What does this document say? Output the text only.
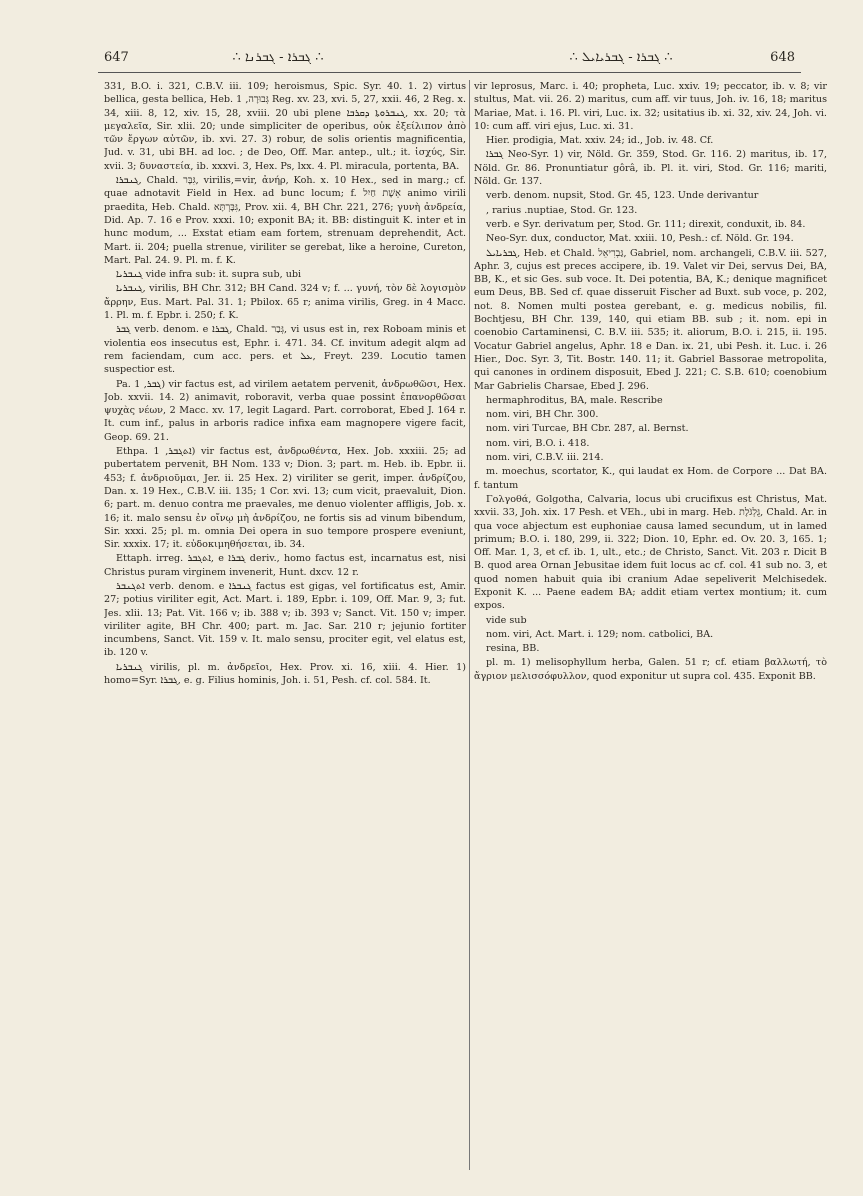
647	∴ ܓܒܪܐ - ܓܒܪܢܐ ∴	∴ ܓܒܪܐ - ܓܒܪܝܐܝܠ ∴	648

331, B.O. i. 321, C.B.V. iii. 109; heroismus, Spic. Syr. 40. 1. 2) virtus bellica, gesta bellica, Heb. גְּבוּרָה, 1 Reg. xv. 23, xvi. 5, 27, xxii. 46, 2 Reg. x. 34, xiii. 8, 12, xiv. 15, 28, xviii. 20 ubi plene ܓܢܒܪܘܬܐ ܕܩܪܒܐ, xx. 20; τὰ μεγαλεῖα, Sir. xlii. 20; unde simpliciter de operibus, οὐκ ἐξείλιπον ἀπὸ τῶν ἔργων αὐτῶν, ib. xvi. 27. 3) robur, de solis orientis magnificentia, Jud. v. 31, ubi BH. ad loc. ; de Deo, Off. Mar. antep., ult.; it. ἰσχύς, Sir. xvii. 3; δυναστεία, ib. xxxvi. 3, Hex. Ps, lxx. 4. Pl. miracula, portenta, BA.

ܓܢܒܪܐ, Chald. גִּבָּר, virilis,=vir, ἀνήρ, Koh. x. 10 Hex., sed in marg.; cf. quae adnotavit Field in Hex. ad bunc locum; f. אֵשֶׁת חַיִל animo virili praedita, Heb. Chald. גִּבָּרְתָּא, Prov. xii. 4, BH Chr. 221, 276; γυνὴ ἀνδρεία, Did. Ap. 7. 16 e Prov. xxxi. 10; exponit BA; it. BB: distinguit K. inter et in hunc modum, ... Exstat etiam eam fortem, strenuam deprehendit, Act. Mart. ii. 204; puella strenue, viriliter se gerebat, like a heroine, Cureton, Mart. Pal. 24. 9. Pl. m. f. K.

ܓܢܒܪܝܐ vide infra sub: it. supra sub, ubi

ܓܢܒܪܝܐ, virilis, BH Chr. 312; BH Cand. 324 v; f. ... γυνή, τὸν δὲ λογισμὸν ἄρρην, Eus. Mart. Pal. 31. 1; Pbilox. 65 r; anima virilis, Greg. in 4 Macc. 1. Pl. m. f. Epbr. i. 250; f. K.

ܓܒܪ verb. denom. e ܓܒܪܐ, Chald. גְּבַר, vi usus est in, rex Roboam minis et violentia eos insecutus est, Ephr. i. 471. 34. Cf. invitum adegit alqm ad rem faciendam, cum acc. pers. et ܥܠ, Freyt. 239. Locutio tamen suspectior est.

Pa. ܓܒܪ, 1) vir factus est, ad virilem aetatem pervenit, ἀνδρωθῶσι, Hex. Job. xxvii. 14. 2) animavit, roboravit, verba quae possint ἐπανορθῶσαι ψυχὰς νέων, 2 Macc. xv. 17, legit Lagard. Part. corroborat, Ebed J. 164 r. It. cum inf., palus in arboris radice infixa eam magnopere vigere facit, Geop. 69. 21.

Ethpa. ܐܬܓܒܪ, 1) vir factus est, ἀνδρωθέντα, Hex. Job. xxxiii. 25; ad pubertatem pervenit, BH Nom. 133 v; Dion. 3; part. m. Heb. ib. Epbr. ii. 453; f. ἀνδριοῦμαι, Jer. ii. 25 Hex. 2) viriliter se gerit, imper. ἀνδρίζου, Dan. x. 19 Hex., C.B.V. iii. 135; 1 Cor. xvi. 13; cum vicit, praevaluit, Dion. 6; part. m. denuo contra me praevales, me denuo violenter affligis, Job. x. 16; it. malo sensu ἐν οἴνῳ μὴ ἀνδρίζου, ne fortis sis ad vinum bibendum, Sir. xxxi. 25; pl. m. omnia Dei opera in suo tempore prospere eveniunt, Sir. xxxix. 17; it. εὐδοκιμηθήσεται, ib. 34.

Ettaph. irreg. ܐܬܓܒܪ, e ܓܒܪܐ deriv., homo factus est, incarnatus est, nisi Christus puram virginem invenerit, Hunt. dxcv. 12 r.

ܐܬܓܢܒܪ verb. denom. e ܓܢܒܪܐ factus est gigas, vel fortificatus est, Amir. 27; potius viriliter egit, Act. Mart. i. 189, Epbr. i. 109, Off. Mar. 9, 3; fut. Jes. xlii. 13; Pat. Vit. 166 v; ib. 388 v; ib. 393 v; Sanct. Vit. 150 v; imper. viriliter agite, BH Chr. 400; part. m. Jac. Sar. 210 r; jejunio fortiter incumbens, Sanct. Vit. 159 v. It. malo sensu, prociter egit, vel elatus est, ib. 120 v.

ܓܢܒܪܝܐ virilis, pl. m. ἀνδρεῖοι, Hex. Prov. xi. 16, xiii. 4. Hier. 1) homo=Syr. ܓܒܪܐ, e. g. Filius hominis, Joh. i. 51, Pesh. cf. col. 584. It.

vir leprosus, Marc. i. 40; propheta, Luc. xxiv. 19; peccator, ib. v. 8; vir stultus, Mat. vii. 26. 2) maritus, cum aff. vir tuus, Joh. iv. 16, 18; maritus Mariae, Mat. i. 16. Pl. viri, Luc. ix. 32; usitatius ib. xi. 32, xiv. 24, Joh. vi. 10: cum aff. viri ejus, Luc. xi. 31.

Hier. prodigia, Mat. xxiv. 24; id., Job. iv. 48. Cf.

ܓܒܪܐ Neo-Syr. 1) vir, Nöld. Gr. 359, Stod. Gr. 116. 2) maritus, ib. 17, Nöld. Gr. 86. Pronuntiatur gôrâ, ib. Pl. it. viri, Stod. Gr. 116; mariti, Nöld. Gr. 137.

verb. denom. nupsit, Stod. Gr. 45, 123. Unde derivantur

, rarius .nuptiae, Stod. Gr. 123.

verb. e Syr. derivatum per, Stod. Gr. 111; direxit, conduxit, ib. 84.

Neo-Syr. dux, conductor, Mat. xxiii. 10, Pesh.: cf. Nöld. Gr. 194.

ܓܒܪܝܐܝܠ, Heb. et Chald. גַּבְרִיאֵל, Gabriel, nom. archangeli, C.B.V. iii. 527, Aphr. 3, cujus est preces accipere, ib. 19. Valet vir Dei, servus Dei, BA, BB, K., et sic Ges. sub voce. It. Dei potentia, BA, K.; denique magnificet eum Deus, BB. Sed cf. quae disseruit Fischer ad Buxt. sub voce, p. 202, not. 8. Nomen multi postea gerebant, e. g. medicus nobilis, fil. Bochtjesu, BH Chr. 139, 140, qui etiam BB. sub ; it. nom. epi in coenobio Cartaminensi, C. B.V. iii. 535; it. aliorum, B.O. i. 215, ii. 195. Vocatur Gabriel angelus, Aphr. 18 e Dan. ix. 21, ubi Pesh. it. Luc. i. 26 Hier., Doc. Syr. 3, Tit. Bostr. 140. 11; it. Gabriel Bassorae metropolita, qui canones in ordinem disposuit, Ebed J. 221; C. S.B. 610; coenobium Mar Gabrielis Charsae, Ebed J. 296.

hermaphroditus, BA, male. Rescribe

nom. viri, BH Chr. 300.

nom. viri Turcae, BH Cbr. 287, al. Bernst.

nom. viri, B.O. i. 418.

nom. viri, C.B.V. iii. 214.

m. moechus, scortator, K., qui laudat ex Hom. de Corpore ... Dat BA. f. tantum

Γολγοθά, Golgotha, Calvaria, locus ubi crucifixus est Christus, Mat. xxvii. 33, Joh. xix. 17 Pesh. et VEh., ubi in marg. Heb. גֻּלְגֹּלֶת, Chald. Ar. in qua voce abjectum est euphoniae causa lamed secundum, ut in lamed primum; B.O. i. 180, 299, ii. 322; Dion. 10, Ephr. ed. Ov. 20. 3, 165. 1; Off. Mar. 1, 3, et cf. ib. 1, ult., etc.; de Christo, Sanct. Vit. 203 r. Dicit B B. quod area Ornan Jebusitae idem fuit locus ac cf. col. 41 sub no. 3, et quod nomen habuit quia ibi cranium Adae sepeliverit Melchisedek. Exponit K. ... Paene eadem BA; addit etiam vertex montium; it. cum expos.

vide sub

nom. viri, Act. Mart. i. 129; nom. catbolici, BA.

resina, BB.

pl. m. 1) melisophyllum herba, Galen. 51 r; cf. etiam βαλλωτή, τὸ ἄγριον μελισσόφυλλον, quod exponitur ut supra col. 435. Exponit BB.
